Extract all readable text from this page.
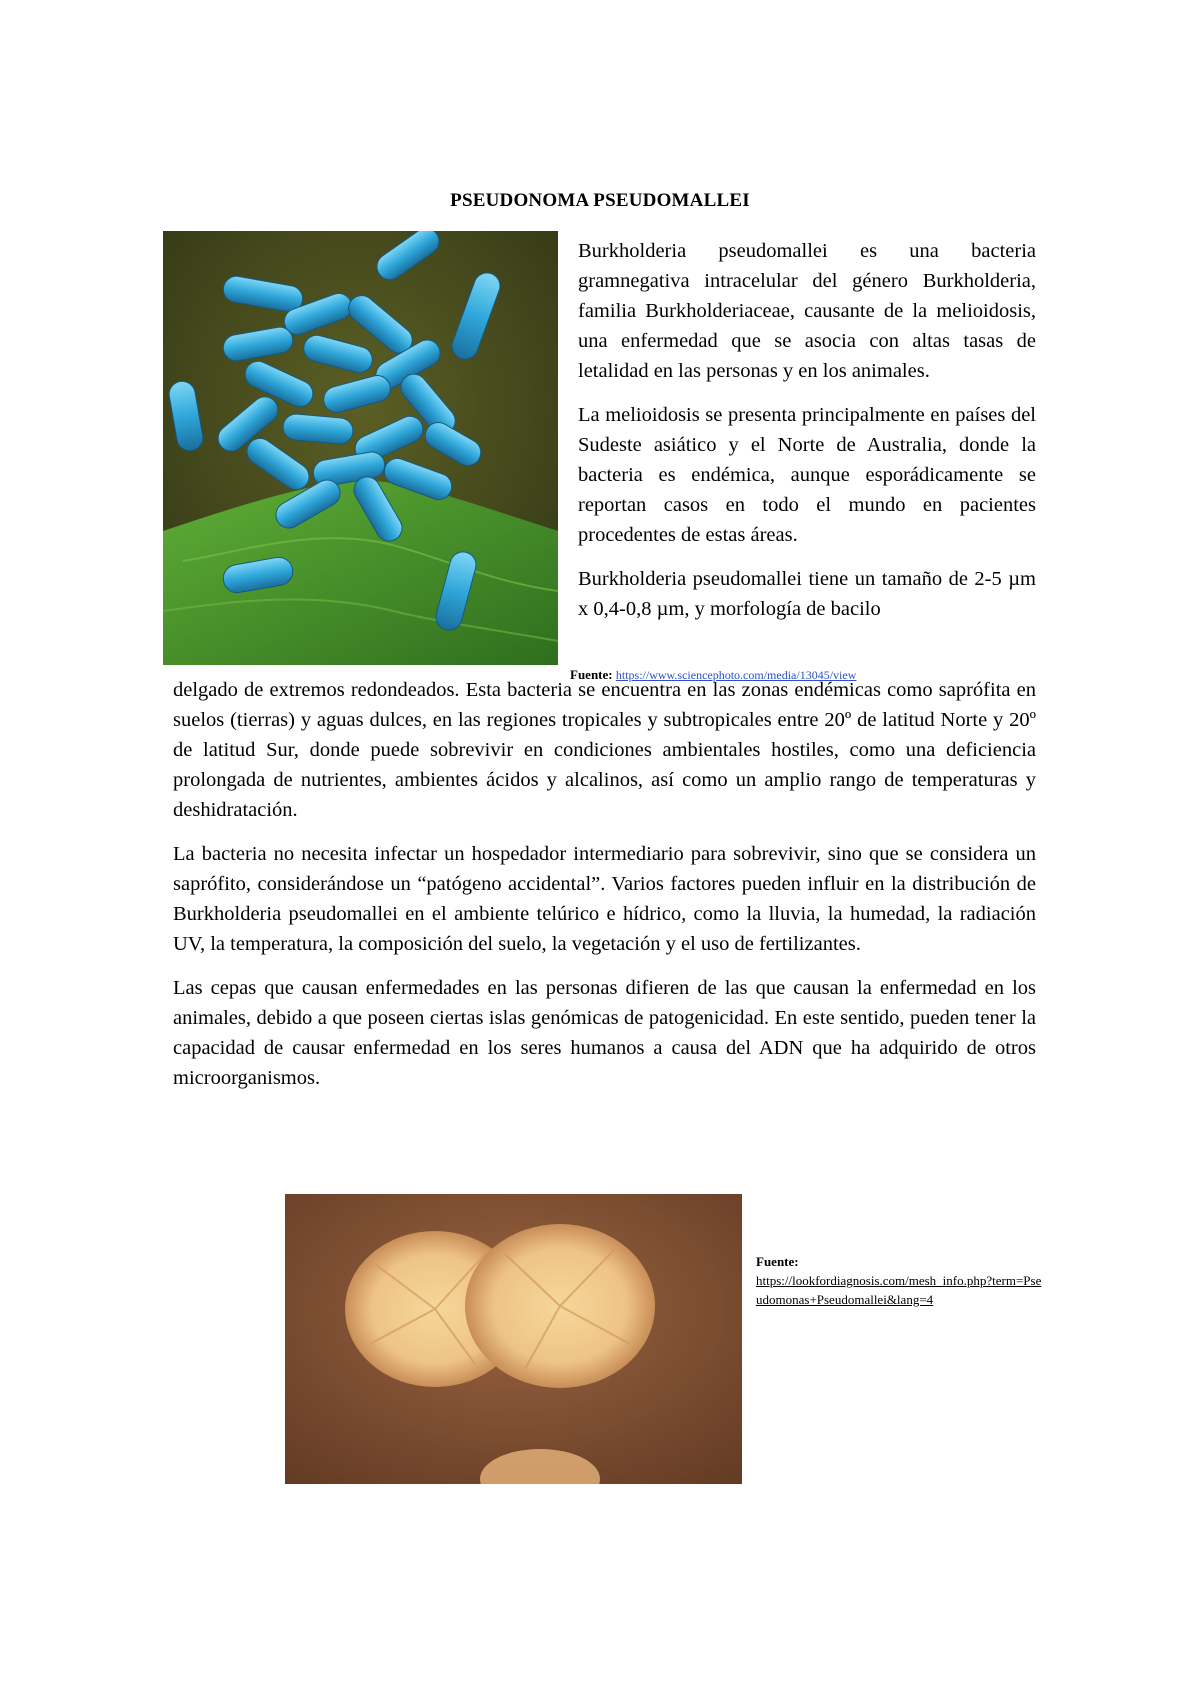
PSEUDONOMA PSEUDOMALLEI

Burkholderia pseudomallei es una bacteria gramnegativa intracelular del género Burkholderia, familia Burkholderiaceae, causante de la melioidosis, una enfermedad que se asocia con altas tasas de letalidad en las personas y en los animales.

La melioidosis se presenta principalmente en países del Sudeste asiático y el Norte de Australia, donde la bacteria es endémica, aunque esporádicamente se reportan casos en todo el mundo en pacientes procedentes de estas áreas.

Burkholderia pseudomallei tiene un tamaño de 2-5 µm x 0,4-0,8 µm, y morfología de bacilo

Fuente: https://www.sciencephoto.com/media/13045/view

delgado de extremos redondeados. Esta bacteria se encuentra en las zonas endémicas como saprófita en suelos (tierras) y aguas dulces, en las regiones tropicales y subtropicales entre 20º de latitud Norte y 20º de latitud Sur, donde puede sobrevivir en condiciones ambientales hostiles, como una deficiencia prolongada de nutrientes, ambientes ácidos y alcalinos, así como un amplio rango de temperaturas y deshidratación.

La bacteria no necesita infectar un hospedador intermediario para sobrevivir, sino que se considera un saprófito, considerándose un “patógeno accidental”. Varios factores pueden influir en la distribución de Burkholderia pseudomallei en el ambiente telúrico e hídrico, como la lluvia, la humedad, la radiación UV, la temperatura, la composición del suelo, la vegetación y el uso de fertilizantes.

Las cepas que causan enfermedades en las personas difieren de las que causan la enfermedad en los animales, debido a que poseen ciertas islas genómicas de patogenicidad. En este sentido, pueden tener la capacidad de causar enfermedad en los seres humanos a causa del ADN que ha adquirido de otros microorganismos.

Fuente:
https://lookfordiagnosis.com/mesh_info.php?term=Pseudomonas+Pseudomallei&lang=4
